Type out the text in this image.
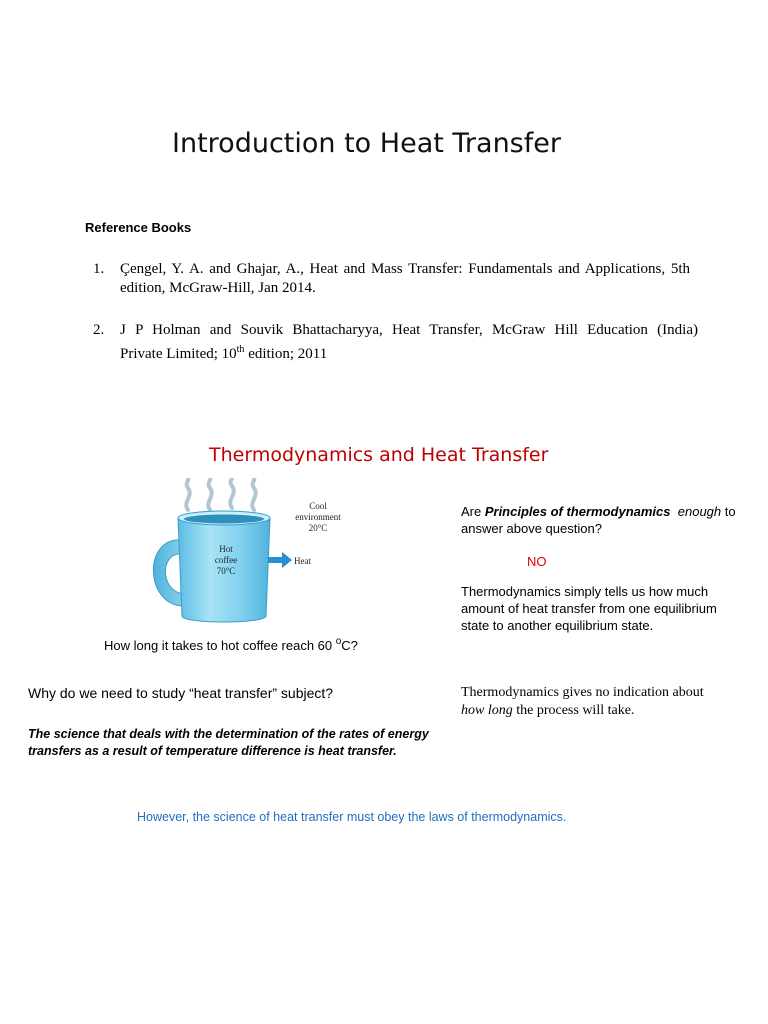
Introduction to Heat Transfer
Reference Books
1. Çengel, Y. A. and Ghajar, A., Heat and Mass Transfer: Fundamentals and Applications, 5th edition, McGraw-Hill, Jan 2014.
2. J P Holman and Souvik Bhattacharyya, Heat Transfer, McGraw Hill Education (India)
Private Limited; 10th edition; 2011
Thermodynamics and Heat Transfer
Hot
coffee
70°C
Cool
environment
20°C
Heat
How long it takes to hot coffee reach 60 $^o$C?
Are Principles of thermodynamics enough to answer above question?
NO
Thermodynamics simply tells us how much amount of heat transfer from one equilibrium state to another equilibrium state.
Thermodynamics gives no indication about
how long the process will take.
Why do we need to study “heat transfer” subject?
The science that deals with the determination of the rates of energy transfers as a result of temperature difference is heat transfer.
However, the science of heat transfer must obey the laws of thermodynamics.
